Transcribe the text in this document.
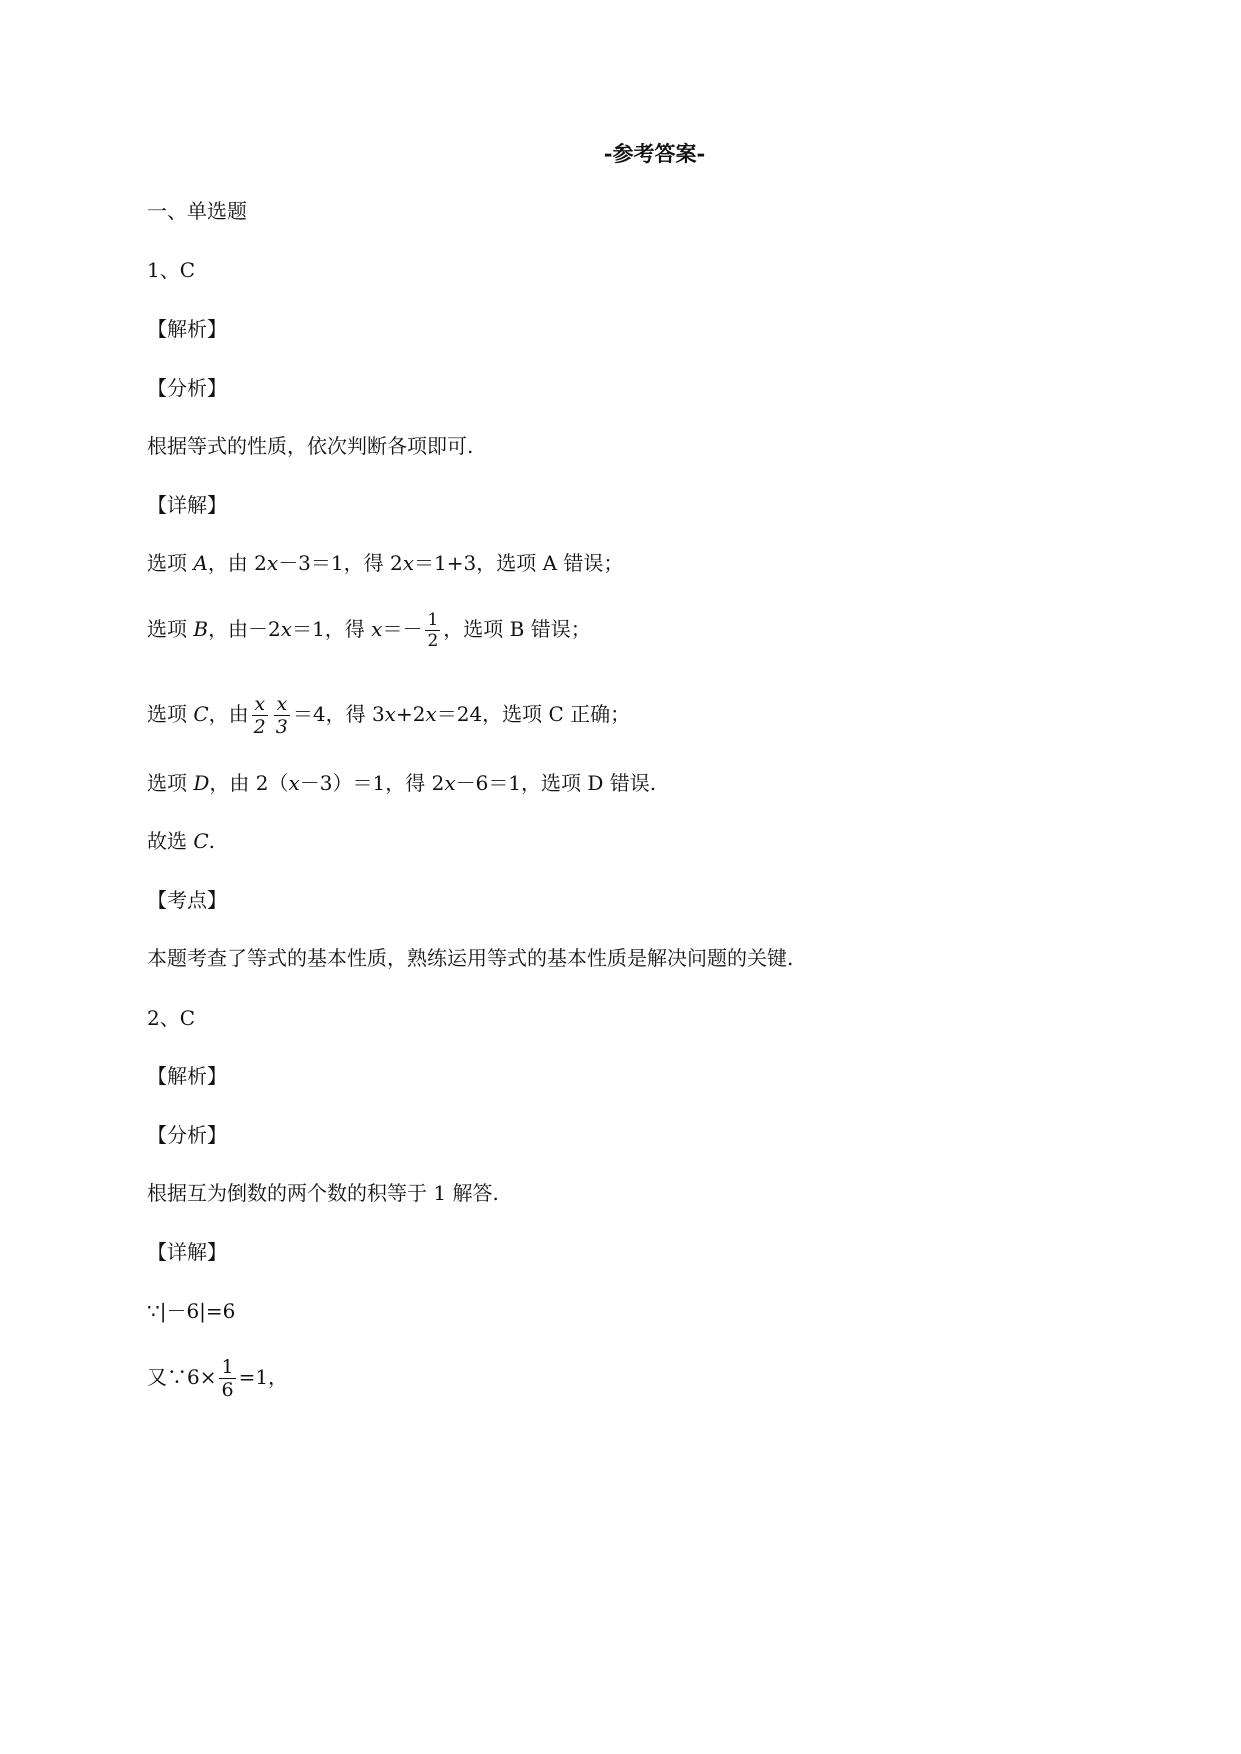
-参考答案-
一、单选题
1、C
【解析】
【分析】
根据等式的性质，依次判断各项即可.
【详解】
选项 A，由 2x－3＝1，得 2x＝1+3，选项 A 错误；
选项 B，由－2x＝1，得 $x=- \frac{1}{2}$ ，选项 B 错误；
选项 C，由 $\frac{x}{2} \frac{x}{3} =4$，得 3x+2x＝24，选项 C 正确；
选项 D，由 2（x－3）＝1，得 2x－6＝1，选项 D 错误.
故选 C.
【考点】
本题考查了等式的基本性质，熟练运用等式的基本性质是解决问题的关键.
2、C
【解析】
【分析】
根据互为倒数的两个数的积等于 1 解答.
【详解】
∵|－6|=6
又∵6× $\frac{1}{6} =1$，
